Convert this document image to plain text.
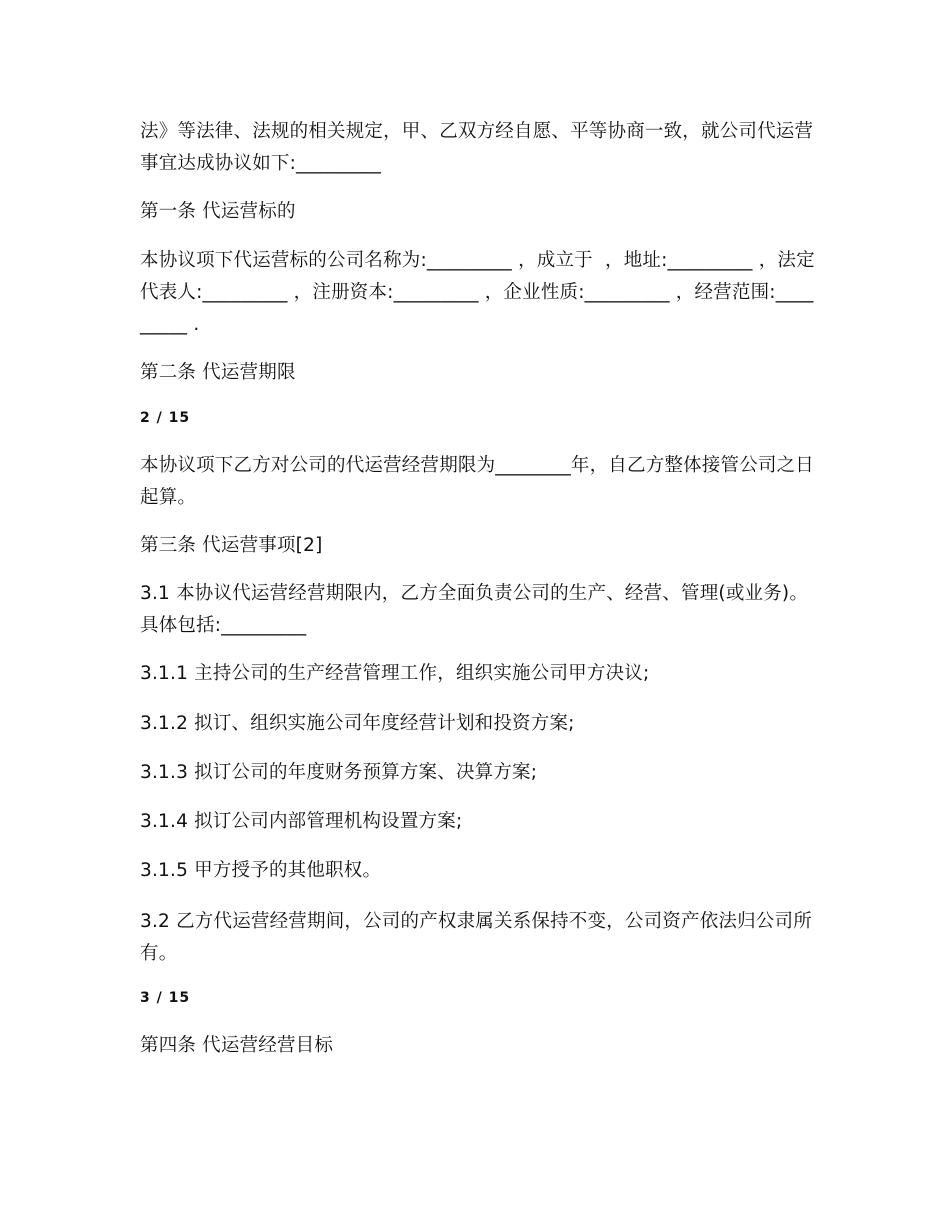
法》等法律、法规的相关规定，甲、乙双方经自愿、平等协商一致，就公司代运营事宜达成协议如下:_________

第一条 代运营标的

本协议项下代运营标的公司名称为:_________ ，成立于  ，地址:_________ ，法定代表人:_________ ，注册资本:_________ ，企业性质:_________ ，经营范围:_________ .

第二条 代运营期限

2 / 15

本协议项下乙方对公司的代运营经营期限为________年，自乙方整体接管公司之日起算。

第三条 代运营事项[2]

3.1 本协议代运营经营期限内，乙方全面负责公司的生产、经营、管理(或业务)。具体包括:_________

3.1.1 主持公司的生产经营管理工作，组织实施公司甲方决议;

3.1.2 拟订、组织实施公司年度经营计划和投资方案;

3.1.3 拟订公司的年度财务预算方案、决算方案;

3.1.4 拟订公司内部管理机构设置方案;

3.1.5 甲方授予的其他职权。

3.2 乙方代运营经营期间，公司的产权隶属关系保持不变，公司资产依法归公司所有。

3 / 15

第四条 代运营经营目标
